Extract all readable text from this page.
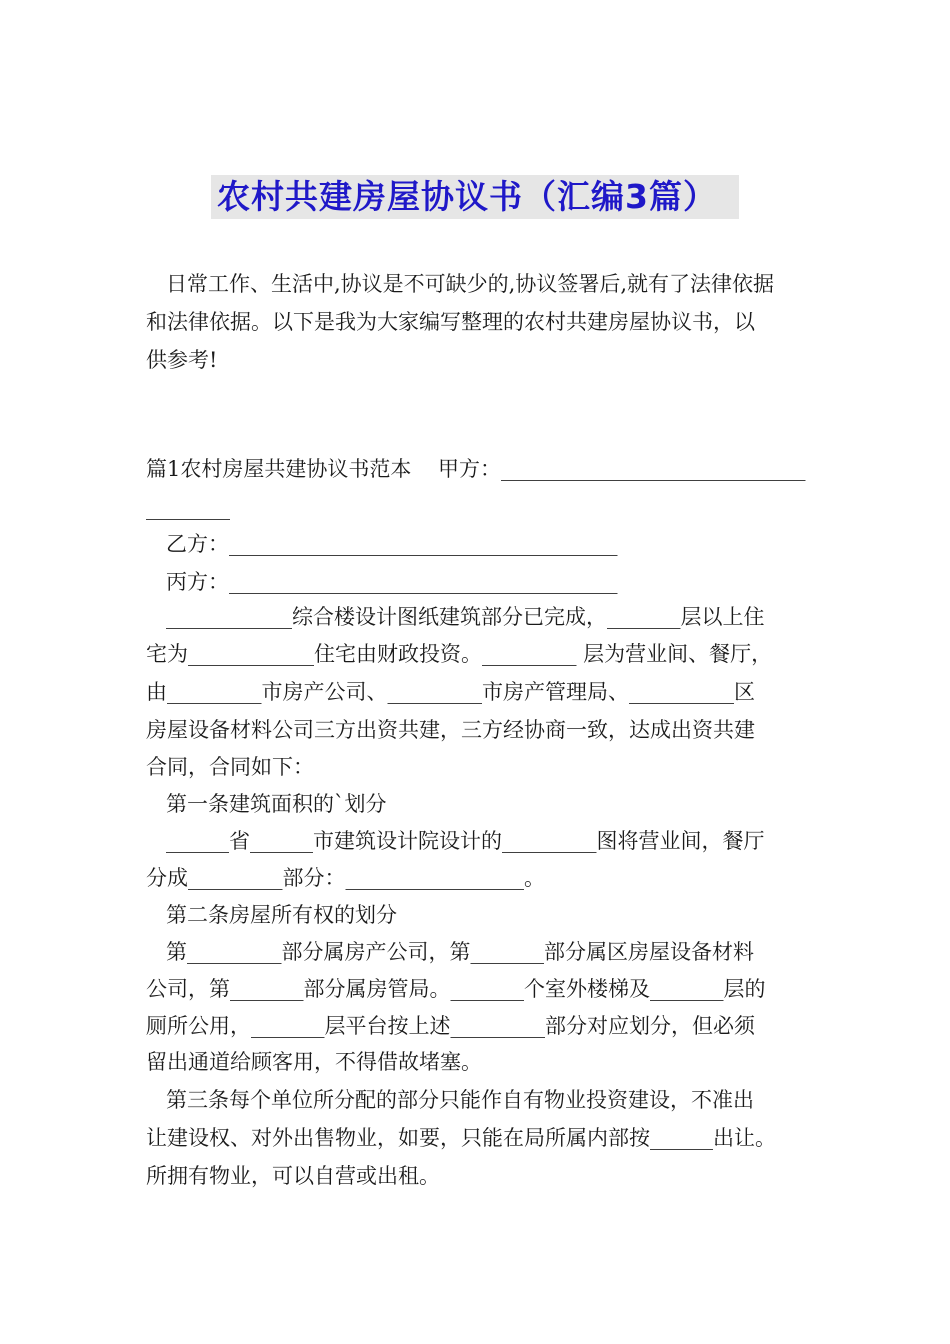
农村共建房屋协议书（汇编3篇）
日常工作、生活中,协议是不可缺少的,协议签署后,就有了法律依据
和法律依据。以下是我为大家编写整理的农村共建房屋协议书，以
供参考!
篇1农村房屋共建协议书范本    甲方：_____________________________
________
乙方：_____________________________________
丙方：_____________________________________
____________综合楼设计图纸建筑部分已完成，_______层以上住
宅为____________住宅由财政投资。_________ 层为营业间、餐厅，
由_________市房产公司、_________市房产管理局、__________区
房屋设备材料公司三方出资共建，三方经协商一致，达成出资共建
合同，合同如下：
第一条建筑面积的`划分
______省______市建筑设计院设计的_________图将营业间，餐厅
分成_________部分：_________________。
第二条房屋所有权的划分
第_________部分属房产公司，第_______部分属区房屋设备材料
公司，第_______部分属房管局。_______个室外楼梯及_______层的
厕所公用，_______层平台按上述_________部分对应划分，但必须
留出通道给顾客用，不得借故堵塞。
第三条每个单位所分配的部分只能作自有物业投资建设，不准出
让建设权、对外出售物业，如要，只能在局所属内部按______出让。
所拥有物业，可以自营或出租。
